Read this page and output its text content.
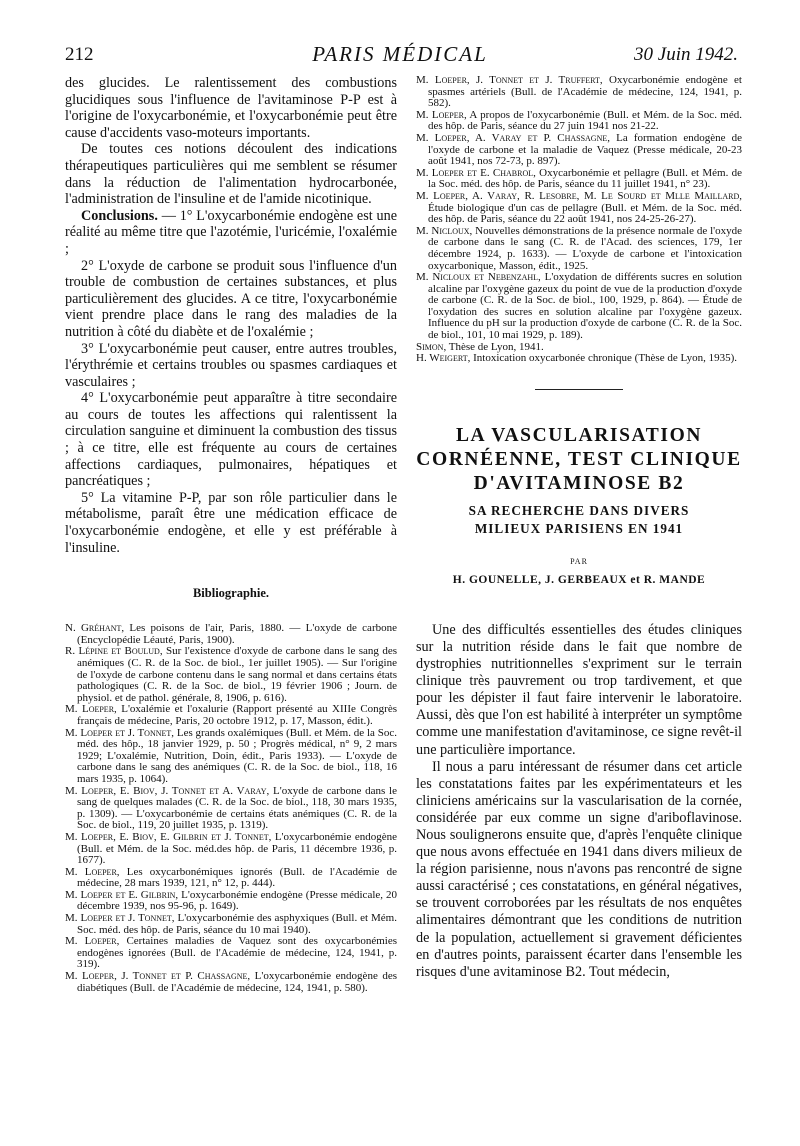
212	PARIS MÉDICAL	30 Juin 1942.

des glucides. Le ralentissement des combustions glucidiques sous l'influence de l'avitaminose P-P est à l'origine de l'oxycarbonémie, et l'oxycarbonémie peut être cause d'accidents vaso-moteurs importants.

De toutes ces notions découlent des indications thérapeutiques particulières qui me semblent se résumer dans la réduction de l'alimentation hydrocarbonée, l'administration de l'insuline et de l'amide nicotinique.

Conclusions. — 1° L'oxycarbonémie endogène est une réalité au même titre que l'azotémie, l'uricémie, l'oxalémie ;

2° L'oxyde de carbone se produit sous l'influence d'un trouble de combustion de certaines substances, et plus particulièrement des glucides. A ce titre, l'oxycarbonémie vient prendre place dans le rang des maladies de la nutrition à côté du diabète et de l'oxalémie ;

3° L'oxycarbonémie peut causer, entre autres troubles, l'érythrémie et certains troubles ou spasmes cardiaques et vasculaires ;

4° L'oxycarbonémie peut apparaître à titre secondaire au cours de toutes les affections qui ralentissent la circulation sanguine et diminuent la combustion des tissus ; à ce titre, elle est fréquente au cours de certaines affections cardiaques, pulmonaires, hépatiques et pancréatiques ;

5° La vitamine P-P, par son rôle particulier dans le métabolisme, paraît être une médication efficace de l'oxycarbonémie endogène, et elle y est préférable à l'insuline.

Bibliographie.

N. Gréhant, Les poisons de l'air, Paris, 1880. — L'oxyde de carbone (Encyclopédie Léauté, Paris, 1900).

R. Lépine et Boulud, Sur l'existence d'oxyde de carbone dans le sang des anémiques (C. R. de la Soc. de biol., 1er juillet 1905). — Sur l'origine de l'oxyde de carbone contenu dans le sang normal et dans certains états pathologiques (C. R. de la Soc. de biol., 19 février 1906 ; Journ. de physiol. et de pathol. générale, 8, 1906, p. 616).

M. Loeper, L'oxalémie et l'oxalurie (Rapport présenté au XIIIe Congrès français de médecine, Paris, 20 octobre 1912, p. 17, Masson, édit.).

M. Loeper et J. Tonnet, Les grands oxalémiques (Bull. et Mém. de la Soc. méd. des hôp., 18 janvier 1929, p. 50 ; Progrès médical, n° 9, 2 mars 1929; L'oxalémie, Nutrition, Doin, édit., Paris 1933). — L'oxyde de carbone dans le sang des anémiques (C. R. de la Soc. de biol., 118, 16 mars 1935, p. 1064).

M. Loeper, E. Biov, J. Tonnet et A. Varay, L'oxyde de carbone dans le sang de quelques malades (C. R. de la Soc. de biol., 118, 30 mars 1935, p. 1309). — L'oxycarbonémie de certains états anémiques (C. R. de la Soc. de biol., 119, 20 juillet 1935, p. 1319).

M. Loeper, E. Biov, E. Gilbrin et J. Tonnet, L'oxycarbonémie endogène (Bull. et Mém. de la Soc. méd.des hôp. de Paris, 11 décembre 1936, p. 1677).

M. Loeper, Les oxycarbonémiques ignorés (Bull. de l'Académie de médecine, 28 mars 1939, 121, n° 12, p. 444).

M. Loeper et E. Gilbrin, L'oxycarbonémie endogène (Presse médicale, 20 décembre 1939, nos 95-96, p. 1649).

M. Loeper et J. Tonnet, L'oxycarbonémie des asphyxiques (Bull. et Mém. Soc. méd. des hôp. de Paris, séance du 10 mai 1940).

M. Loeper, Certaines maladies de Vaquez sont des oxycarbonémies endogènes ignorées (Bull. de l'Académie de médecine, 124, 1941, p. 319).

M. Loeper, J. Tonnet et P. Chassagne, L'oxycarbonémie endogène des diabétiques (Bull. de l'Académie de médecine, 124, 1941, p. 580).

M. Loeper, J. Tonnet et J. Truffert, Oxycarbonémie endogène et spasmes artériels (Bull. de l'Académie de médecine, 124, 1941, p. 582).

M. Loeper, A propos de l'oxycarbonémie (Bull. et Mém. de la Soc. méd. des hôp. de Paris, séance du 27 juin 1941 nos 21-22.

M. Loeper, A. Varay et P. Chassagne, La formation endogène de l'oxyde de carbone et la maladie de Vaquez (Presse médicale, 20-23 août 1941, nos 72-73, p. 897).

M. Loeper et E. Chabrol, Oxycarbonémie et pellagre (Bull. et Mém. de la Soc. méd. des hôp. de Paris, séance du 11 juillet 1941, n° 23).

M. Loeper, A. Varay, R. Lesobre, M. Le Sourd et Mlle Maillard, Étude biologique d'un cas de pellagre (Bull. et Mém. de la Soc. méd. des hôp. de Paris, séance du 22 août 1941, nos 24-25-26-27).

M. Nicloux, Nouvelles démonstrations de la présence normale de l'oxyde de carbone dans le sang (C. R. de l'Acad. des sciences, 179, 1er décembre 1924, p. 1633). — L'oxyde de carbone et l'intoxication oxycarbonique, Masson, édit., 1925.

M. Nicloux et Nebenzahl, L'oxydation de différents sucres en solution alcaline par l'oxygène gazeux du point de vue de la production d'oxyde de carbone (C. R. de la Soc. de biol., 100, 1929, p. 864). — Étude de l'oxydation des sucres en solution alcaline par l'oxygène gazeux. Influence du pH sur la production d'oxyde de carbone (C. R. de la Soc. de biol., 101, 10 mai 1929, p. 189).

Simon, Thèse de Lyon, 1941.

H. Weigert, Intoxication oxycarbonée chronique (Thèse de Lyon, 1935).

LA VASCULARISATION

CORNÉENNE, TEST CLINIQUE

D'AVITAMINOSE B2

SA RECHERCHE DANS DIVERS

MILIEUX PARISIENS EN 1941

PAR
H. GOUNELLE, J. GERBEAUX et R. MANDE

Une des difficultés essentielles des études cliniques sur la nutrition réside dans le fait que nombre de dystrophies nutritionnelles s'expriment sur le terrain clinique très pauvrement ou trop tardivement, et que pour les dépister il faut faire intervenir le laboratoire. Aussi, dès que l'on est habilité à interpréter un symptôme comme une manifestation d'avitaminose, ce signe revêt-il une particulière importance.

Il nous a paru intéressant de résumer dans cet article les constatations faites par les expérimentateurs et les cliniciens américains sur la vascularisation de la cornée, considérée par eux comme un signe d'ariboflavinose. Nous soulignerons ensuite que, d'après l'enquête clinique que nous avons effectuée en 1941 dans divers milieux de la région parisienne, nous n'avons pas rencontré de signe aussi caractérisé ; ces constatations, en général négatives, se trouvent corroborées par les résultats de nos enquêtes alimentaires démontrant que les conditions de nutrition de la population, actuellement si gravement déficientes en d'autres points, paraissent écarter dans l'ensemble les risques d'une avitaminose B2. Tout médecin,
